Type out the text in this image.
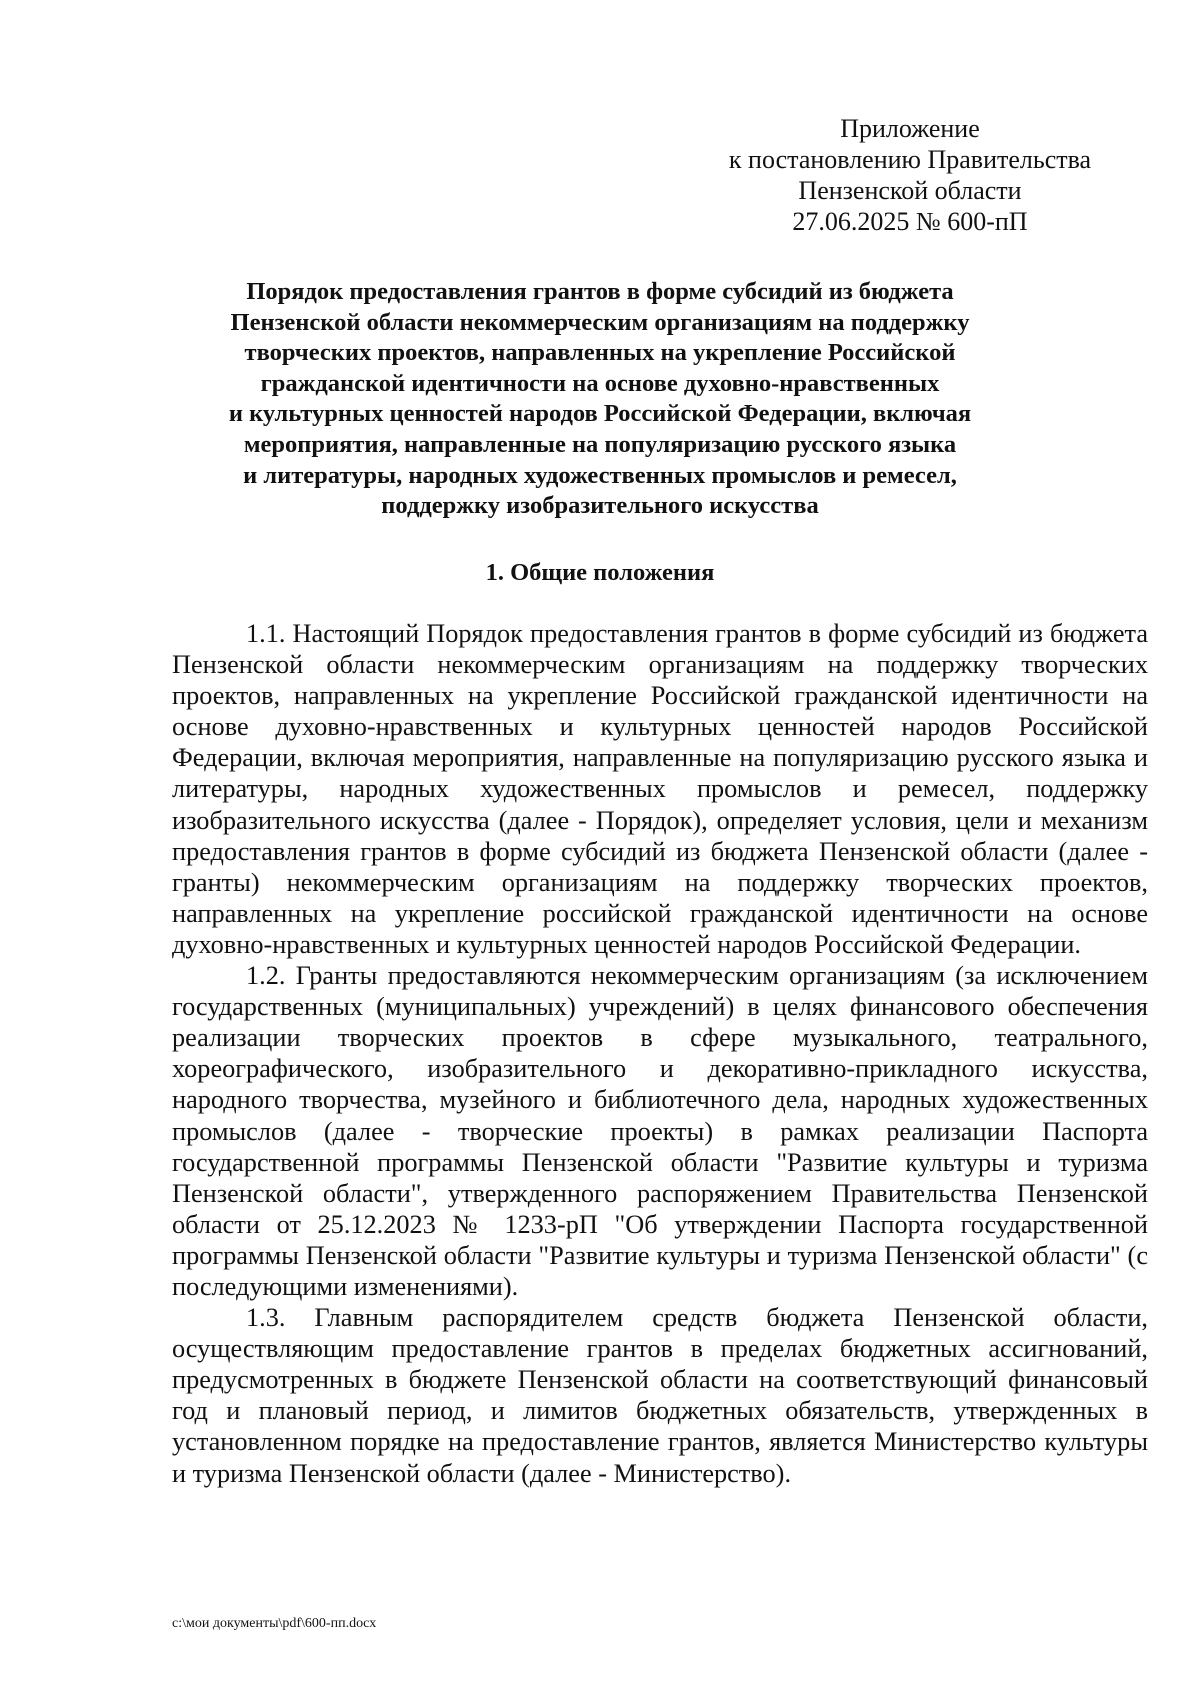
Приложение
к постановлению Правительства
Пензенской области
27.06.2025 № 600-пП
Порядок предоставления грантов в форме субсидий из бюджета
Пензенской области некоммерческим организациям на поддержку
творческих проектов, направленных на укрепление Российской
гражданской идентичности на основе духовно-нравственных
и культурных ценностей народов Российской Федерации, включая
мероприятия, направленные на популяризацию русского языка
и литературы, народных художественных промыслов и ремесел,
поддержку изобразительного искусства
1. Общие положения

1.1. Настоящий Порядок предоставления грантов в форме субсидий из бюджета Пензенской области некоммерческим организациям на поддержку творческих проектов, направленных на укрепление Российской гражданской идентичности на основе духовно-нравственных и культурных ценностей народов Российской Федерации, включая мероприятия, направленные на популяризацию русского языка и литературы, народных художественных промыслов и ремесел, поддержку изобразительного искусства (далее - Порядок), определяет условия, цели и механизм предоставления грантов в форме субсидий из бюджета Пензенской области (далее - гранты) некоммерческим организациям на поддержку творческих проектов, направленных на укрепление российской гражданской идентичности на основе духовно-нравственных и культурных ценностей народов Российской Федерации.

1.2. Гранты предоставляются некоммерческим организациям (за исключением государственных (муниципальных) учреждений) в целях финансового обеспечения реализации творческих проектов в сфере музыкального, театрального, хореографического, изобразительного и декоративно-прикладного искусства, народного творчества, музейного и библиотечного дела, народных художественных промыслов (далее - творческие проекты) в рамках реализации Паспорта государственной программы Пензенской области "Развитие культуры и туризма Пензенской области", утвержденного распоряжением Правительства Пензенской области от 25.12.2023 № 1233-рП "Об утверждении Паспорта государственной программы Пензенской области "Развитие культуры и туризма Пензенской области" (с последующими изменениями).

1.3. Главным распорядителем средств бюджета Пензенской области, осуществляющим предоставление грантов в пределах бюджетных ассигнований, предусмотренных в бюджете Пензенской области на соответствующий финансовый год и плановый период, и лимитов бюджетных обязательств, утвержденных в установленном порядке на предоставление грантов, является Министерство культуры и туризма Пензенской области (далее - Министерство).

c:\мои документы\pdf\600-пп.docx
